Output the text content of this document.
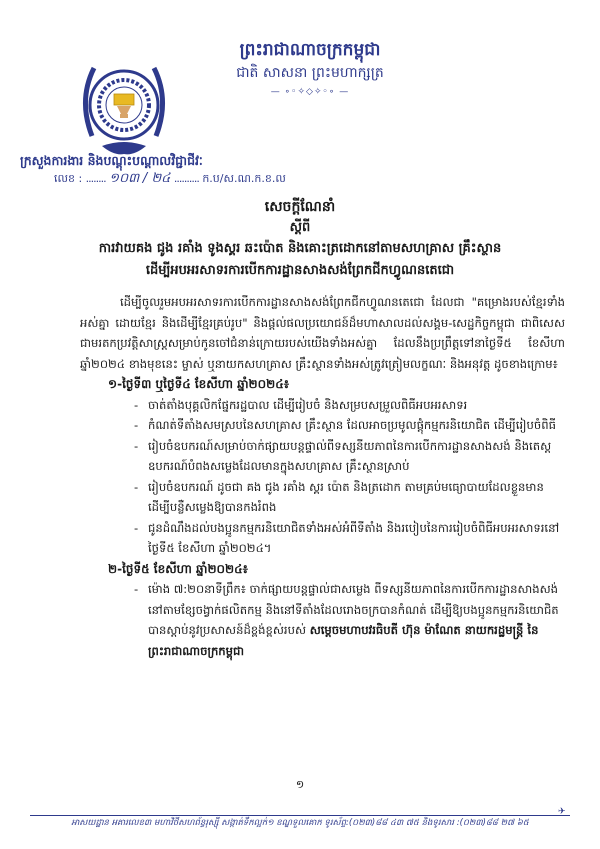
ព្រះរាជាណាចក្រកម្ពុជា
ជាតិ សាសនា ព្រះមហាក្សត្រ
— ∘◦✧◇✧◦∘ —
ក្រសួងការងារ និងបណ្តុះបណ្តាលវិជ្ជាជីវៈ
លេខ : ........ ១០៣ / ២៤ .......... ក.ប/ស.ណ.ក.ខ.ល
សេចក្តីណែនាំ
ស្តីពី
ការវាយគង ជូង រគាំង ទូងស្គរ ឆះប៉ោត និងគោះត្រដោកនៅតាមសហគ្រាស គ្រឹះស្ថាន
ដើម្បីអបអរសាទរការបើកការដ្ឋានសាងសង់ព្រែកជីកហ្វូណនតេជោ

ដើម្បីចូលរួមអបអរសាទរការបើកការដ្ឋានសាងសង់ព្រែកជីកហ្វូណនតេជោ ដែលជា "គម្រោងរបស់ខ្មែរទាំងអស់គ្នា ដោយខ្មែរ និងដើម្បីខ្មែរគ្រប់រូប" និងផ្តល់ផលប្រយោជន៍ដ៏មហាសាលដល់សង្គម-សេដ្ឋកិច្ចកម្ពុជា ជាពិសេសជាមរតកប្រវត្តិសាស្ត្រសម្រាប់កូនចៅជំនាន់ក្រោយរបស់យើងទាំងអស់គ្នា ដែលនឹងប្រព្រឹត្តទៅនាថ្ងៃទី៥ ខែសីហា ឆ្នាំ២០២៤ ខាងមុខនេះ ម្ចាស់ ឬនាយកសហគ្រាស គ្រឹះស្ថានទាំងអស់ត្រូវត្រៀមលក្ខណៈ និងអនុវត្ត ដូចខាងក្រោម៖

១-ថ្ងៃទី៣ ឬថ្ងៃទី៤ ខែសីហា ឆ្នាំ២០២៤៖
- ចាត់តាំងបុគ្គលិកផ្នែករដ្ឋបាល ដើម្បីរៀបចំ និងសម្របសម្រួលពិធីអបអរសាទរ
- កំណត់ទីតាំងសមស្របនៃសហគ្រាស គ្រឹះស្ថាន ដែលអាចប្រមូលផ្តុំកម្មករនិយោជិត ដើម្បីរៀបចំពិធី
- រៀបចំឧបករណ៍សម្រាប់ចាក់ផ្សាយបន្តផ្ទាល់ពីទស្សនីយភាពនៃការបើកការដ្ឋានសាងសង់ និងតេស្តឧបករណ៍បំពងសម្លេងដែលមានក្នុងសហគ្រាស គ្រឹះស្ថានស្រាប់
- រៀបចំឧបករណ៍ ដូចជា គង ជូង រគាំង ស្គរ ប៉ោត និងត្រដោក តាមគ្រប់មធ្យោបាយដែលខ្លួនមាន ដើម្បីបន្លឺសម្លេងឱ្យបានកងរំពង
- ជូនដំណឹងដល់បងប្អូនកម្មករនិយោជិតទាំងអស់អំពីទីតាំង និងរបៀបនៃការរៀបចំពិធីអបអរសាទរនៅថ្ងៃទី៥ ខែសីហា ឆ្នាំ២០២៤។
២-ថ្ងៃទី៥ ខែសីហា ឆ្នាំ២០២៤៖
- ម៉ោង ៧:២០នាទីព្រឹក៖ ចាក់ផ្សាយបន្តផ្ទាល់ជាសម្លេង ពីទស្សនីយភាពនៃការបើកការដ្ឋានសាងសង់ នៅតាមខ្សែចង្វាក់ផលិតកម្ម និងនៅទីតាំងដែលរោងចក្របានកំណត់ ដើម្បីឱ្យបងប្អូនកម្មករនិយោជិតបានស្តាប់នូវប្រសាសន៍ដ៏ខ្ពង់ខ្ពស់របស់ សម្តេចមហាបវរធិបតី ហ៊ុន ម៉ាណែត នាយករដ្ឋមន្ត្រី នៃព្រះរាជាណាចក្រកម្ពុជា
១
✈
អាសយដ្ឋាន អគារលេខ៣ មហាវិថីសហព័ន្ធរុស្ស៊ី សង្កាត់ទឹកល្អក់១ ខណ្ឌទួលគោក ទូរស័ព្ទ:(០២៣)៨៨ ៤៣ ៧៥ និងទូរសារ :(០២៣)៨៨ ២៧ ៦៥
